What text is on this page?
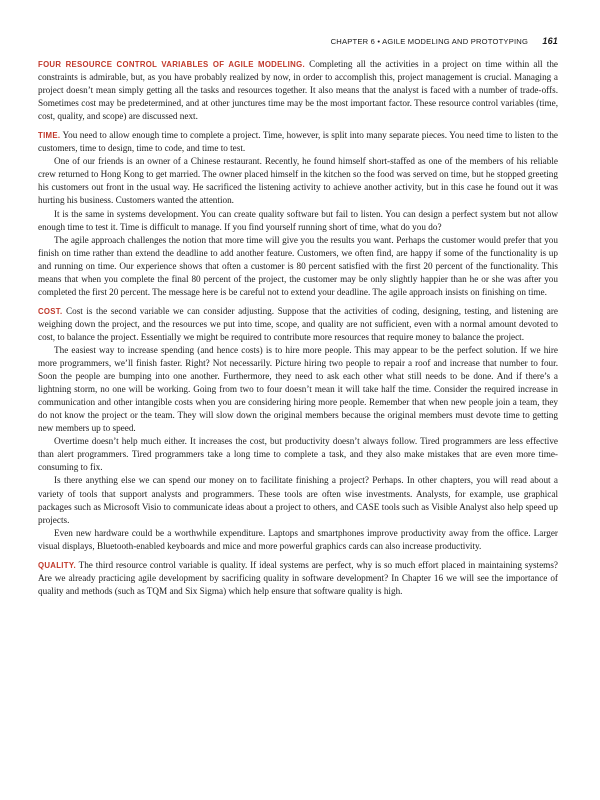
CHAPTER 6 • AGILE MODELING AND PROTOTYPING 161

FOUR RESOURCE CONTROL VARIABLES OF AGILE MODELING. Completing all the activities in a project on time within all the constraints is admirable, but, as you have probably realized by now, in order to accomplish this, project management is crucial. Managing a project doesn’t mean simply getting all the tasks and resources together. It also means that the analyst is faced with a number of trade-offs. Sometimes cost may be predetermined, and at other junctures time may be the most important factor. These resource control variables (time, cost, quality, and scope) are discussed next.

TIME. You need to allow enough time to complete a project. Time, however, is split into many separate pieces. You need time to listen to the customers, time to design, time to code, and time to test.

One of our friends is an owner of a Chinese restaurant. Recently, he found himself short-staffed as one of the members of his reliable crew returned to Hong Kong to get married. The owner placed himself in the kitchen so the food was served on time, but he stopped greeting his customers out front in the usual way. He sacrificed the listening activity to achieve another activity, but in this case he found out it was hurting his business. Customers wanted the attention.

It is the same in systems development. You can create quality software but fail to listen. You can design a perfect system but not allow enough time to test it. Time is difficult to manage. If you find yourself running short of time, what do you do?

The agile approach challenges the notion that more time will give you the results you want. Perhaps the customer would prefer that you finish on time rather than extend the deadline to add another feature. Customers, we often find, are happy if some of the functionality is up and running on time. Our experience shows that often a customer is 80 percent satisfied with the first 20 percent of the functionality. This means that when you complete the final 80 percent of the project, the customer may be only slightly happier than he or she was after you completed the first 20 percent. The message here is be careful not to extend your deadline. The agile approach insists on finishing on time.

COST. Cost is the second variable we can consider adjusting. Suppose that the activities of coding, designing, testing, and listening are weighing down the project, and the resources we put into time, scope, and quality are not sufficient, even with a normal amount devoted to cost, to balance the project. Essentially we might be required to contribute more resources that require money to balance the project.

The easiest way to increase spending (and hence costs) is to hire more people. This may appear to be the perfect solution. If we hire more programmers, we’ll finish faster. Right? Not necessarily. Picture hiring two people to repair a roof and increase that number to four. Soon the people are bumping into one another. Furthermore, they need to ask each other what still needs to be done. And if there’s a lightning storm, no one will be working. Going from two to four doesn’t mean it will take half the time. Consider the required increase in communication and other intangible costs when you are considering hiring more people. Remember that when new people join a team, they do not know the project or the team. They will slow down the original members because the original members must devote time to getting new members up to speed.

Overtime doesn’t help much either. It increases the cost, but productivity doesn’t always follow. Tired programmers are less effective than alert programmers. Tired programmers take a long time to complete a task, and they also make mistakes that are even more time-consuming to fix.

Is there anything else we can spend our money on to facilitate finishing a project? Perhaps. In other chapters, you will read about a variety of tools that support analysts and programmers. These tools are often wise investments. Analysts, for example, use graphical packages such as Microsoft Visio to communicate ideas about a project to others, and CASE tools such as Visible Analyst also help speed up projects.

Even new hardware could be a worthwhile expenditure. Laptops and smartphones improve productivity away from the office. Larger visual displays, Bluetooth-enabled keyboards and mice and more powerful graphics cards can also increase productivity.

QUALITY. The third resource control variable is quality. If ideal systems are perfect, why is so much effort placed in maintaining systems? Are we already practicing agile development by sacrificing quality in software development? In Chapter 16 we will see the importance of quality and methods (such as TQM and Six Sigma) which help ensure that software quality is high.
